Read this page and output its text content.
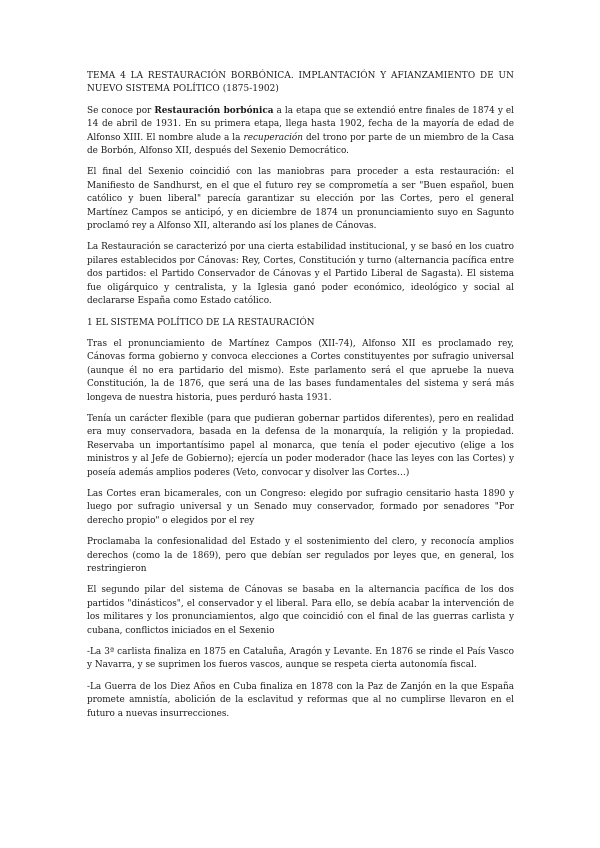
TEMA 4 LA RESTAURACIÓN BORBÓNICA. IMPLANTACIÓN Y AFIANZAMIENTO DE UN NUEVO SISTEMA POLÍTICO (1875-1902)

Se conoce por Restauración borbónica a la etapa que se extendió entre finales de 1874 y el 14 de abril de 1931. En su primera etapa, llega hasta 1902, fecha de la mayoría de edad de Alfonso XIII. El nombre alude a la recuperación del trono por parte de un miembro de la Casa de Borbón, Alfonso XII, después del Sexenio Democrático.

El final del Sexenio coincidió con las maniobras para proceder a esta restauración: el Manifiesto de Sandhurst, en el que el futuro rey se comprometía a ser "Buen español, buen católico y buen liberal" parecía garantizar su elección por las Cortes, pero el general Martínez Campos se anticipó, y en diciembre de 1874 un pronunciamiento suyo en Sagunto proclamó rey a Alfonso XII, alterando así los planes de Cánovas.

La Restauración se caracterizó por una cierta estabilidad institucional, y se basó en los cuatro pilares establecidos por Cánovas: Rey, Cortes, Constitución y turno (alternancia pacífica entre dos partidos: el Partido Conservador de Cánovas y el Partido Liberal de Sagasta). El sistema fue oligárquico y centralista, y la Iglesia ganó poder económico, ideológico y social al declararse España como Estado católico.

1 EL SISTEMA POLÍTICO DE LA RESTAURACIÓN

Tras el pronunciamiento de Martínez Campos (XII-74), Alfonso XII es proclamado rey, Cánovas forma gobierno y convoca elecciones a Cortes constituyentes por sufragio universal (aunque él no era partidario del mismo). Este parlamento será el que apruebe la nueva Constitución, la de 1876, que será una de las bases fundamentales del sistema y será más longeva de nuestra historia, pues perduró hasta 1931.

Tenía un carácter flexible (para que pudieran gobernar partidos diferentes), pero en realidad era muy conservadora, basada en la defensa de la monarquía, la religión y la propiedad. Reservaba un importantísimo papel al monarca, que tenía el poder ejecutivo (elige a los ministros y al Jefe de Gobierno); ejercía un poder moderador (hace las leyes con las Cortes) y poseía además amplios poderes (Veto, convocar y disolver las Cortes…)

Las Cortes eran bicamerales, con un Congreso: elegido por sufragio censitario hasta 1890 y luego por sufragio universal y un Senado muy conservador, formado por senadores "Por derecho propio" o elegidos por el rey

Proclamaba la confesionalidad del Estado y el sostenimiento del clero, y reconocía amplios derechos (como la de 1869), pero que debían ser regulados por leyes que, en general, los restringieron

El segundo pilar del sistema de Cánovas se basaba en la alternancia pacífica de los dos partidos "dinásticos", el conservador y el liberal. Para ello, se debía acabar la intervención de los militares y los pronunciamientos, algo que coincidió con el final de las guerras carlista y cubana, conflictos iniciados en el Sexenio

-La 3ª carlista finaliza en 1875 en Cataluña, Aragón y Levante. En 1876 se rinde el País Vasco y Navarra, y se suprimen los fueros vascos, aunque se respeta cierta autonomía fiscal.

-La Guerra de los Diez Años en Cuba finaliza en 1878 con la Paz de Zanjón en la que España promete amnistía, abolición de la esclavitud y reformas que al no cumplirse llevaron en el futuro a nuevas insurrecciones.
